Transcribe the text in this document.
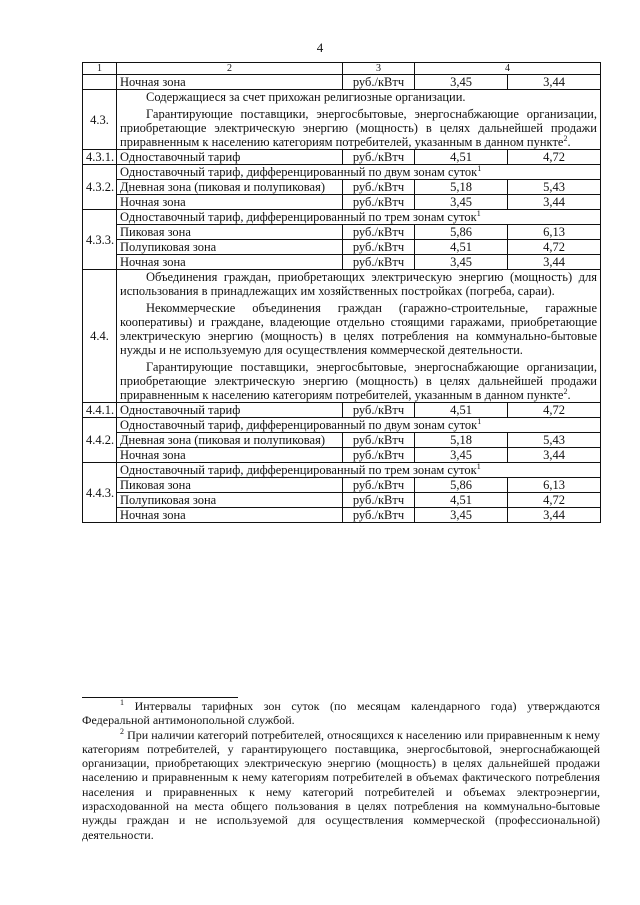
4
1	2	3	4	
	Ночная зона	руб./кВтч	3,45	3,44
4.3.	Содержащиеся за счет прихожан религиозные организации.

Гарантирующие поставщики, энергосбытовые, энергоснабжающие организации, приобретающие электрическую энергию (мощность) в целях дальнейшей продажи приравненным к населению категориям потребителей, указанным в данном пункте$^2$.			

4.3.1.	Одноставочный тариф	руб./кВтч	4,51	4,72
4.3.2.	Одноставочный тариф, дифференцированный по двум зонам суток$^1$
	Дневная зона (пиковая и полупиковая)	руб./кВтч	5,18	5,43
	Ночная зона	руб./кВтч	3,45	3,44
4.3.3.	Одноставочный тариф, дифференцированный по трем зонам суток$^1$
	Пиковая зона	руб./кВтч	5,86	6,13
	Полупиковая зона	руб./кВтч	4,51	4,72
	Ночная зона	руб./кВтч	3,45	3,44
4.4.	Объединения граждан, приобретающих электрическую энергию (мощность) для использования в принадлежащих им хозяйственных постройках (погреба, сараи).

Некоммерческие объединения граждан (гаражно-строительные, гаражные кооперативы) и граждане, владеющие отдельно стоящими гаражами, приобретающие электрическую энергию (мощность) в целях потребления на коммунально-бытовые нужды и не используемую для осуществления коммерческой деятельности.

Гарантирующие поставщики, энергосбытовые, энергоснабжающие организации, приобретающие электрическую энергию (мощность) в целях дальнейшей продажи приравненным к населению категориям потребителей, указанным в данном пункте$^2$.			

4.4.1.	Одноставочный тариф	руб./кВтч	4,51	4,72
4.4.2.	Одноставочный тариф, дифференцированный по двум зонам суток$^1$
	Дневная зона (пиковая и полупиковая)	руб./кВтч	5,18	5,43
	Ночная зона	руб./кВтч	3,45	3,44
4.4.3.	Одноставочный тариф, дифференцированный по трем зонам суток$^1$
	Пиковая зона	руб./кВтч	5,86	6,13
	Полупиковая зона	руб./кВтч	4,51	4,72
	Ночная зона	руб./кВтч	3,45	3,44

$^1$ Интервалы тарифных зон суток (по месяцам календарного года) утверждаются Федеральной антимонопольной службой.

$^2$ При наличии категорий потребителей, относящихся к населению или приравненным к нему категориям потребителей, у гарантирующего поставщика, энергосбытовой, энергоснабжающей организации, приобретающих электрическую энергию (мощность) в целях дальнейшей продажи населению и приравненным к нему категориям потребителей в объемах фактического потребления населения и приравненных к нему категорий потребителей и объемах электроэнергии, израсходованной на места общего пользования в целях потребления на коммунально-бытовые нужды граждан и не используемой для осуществления коммерческой (профессиональной) деятельности.
